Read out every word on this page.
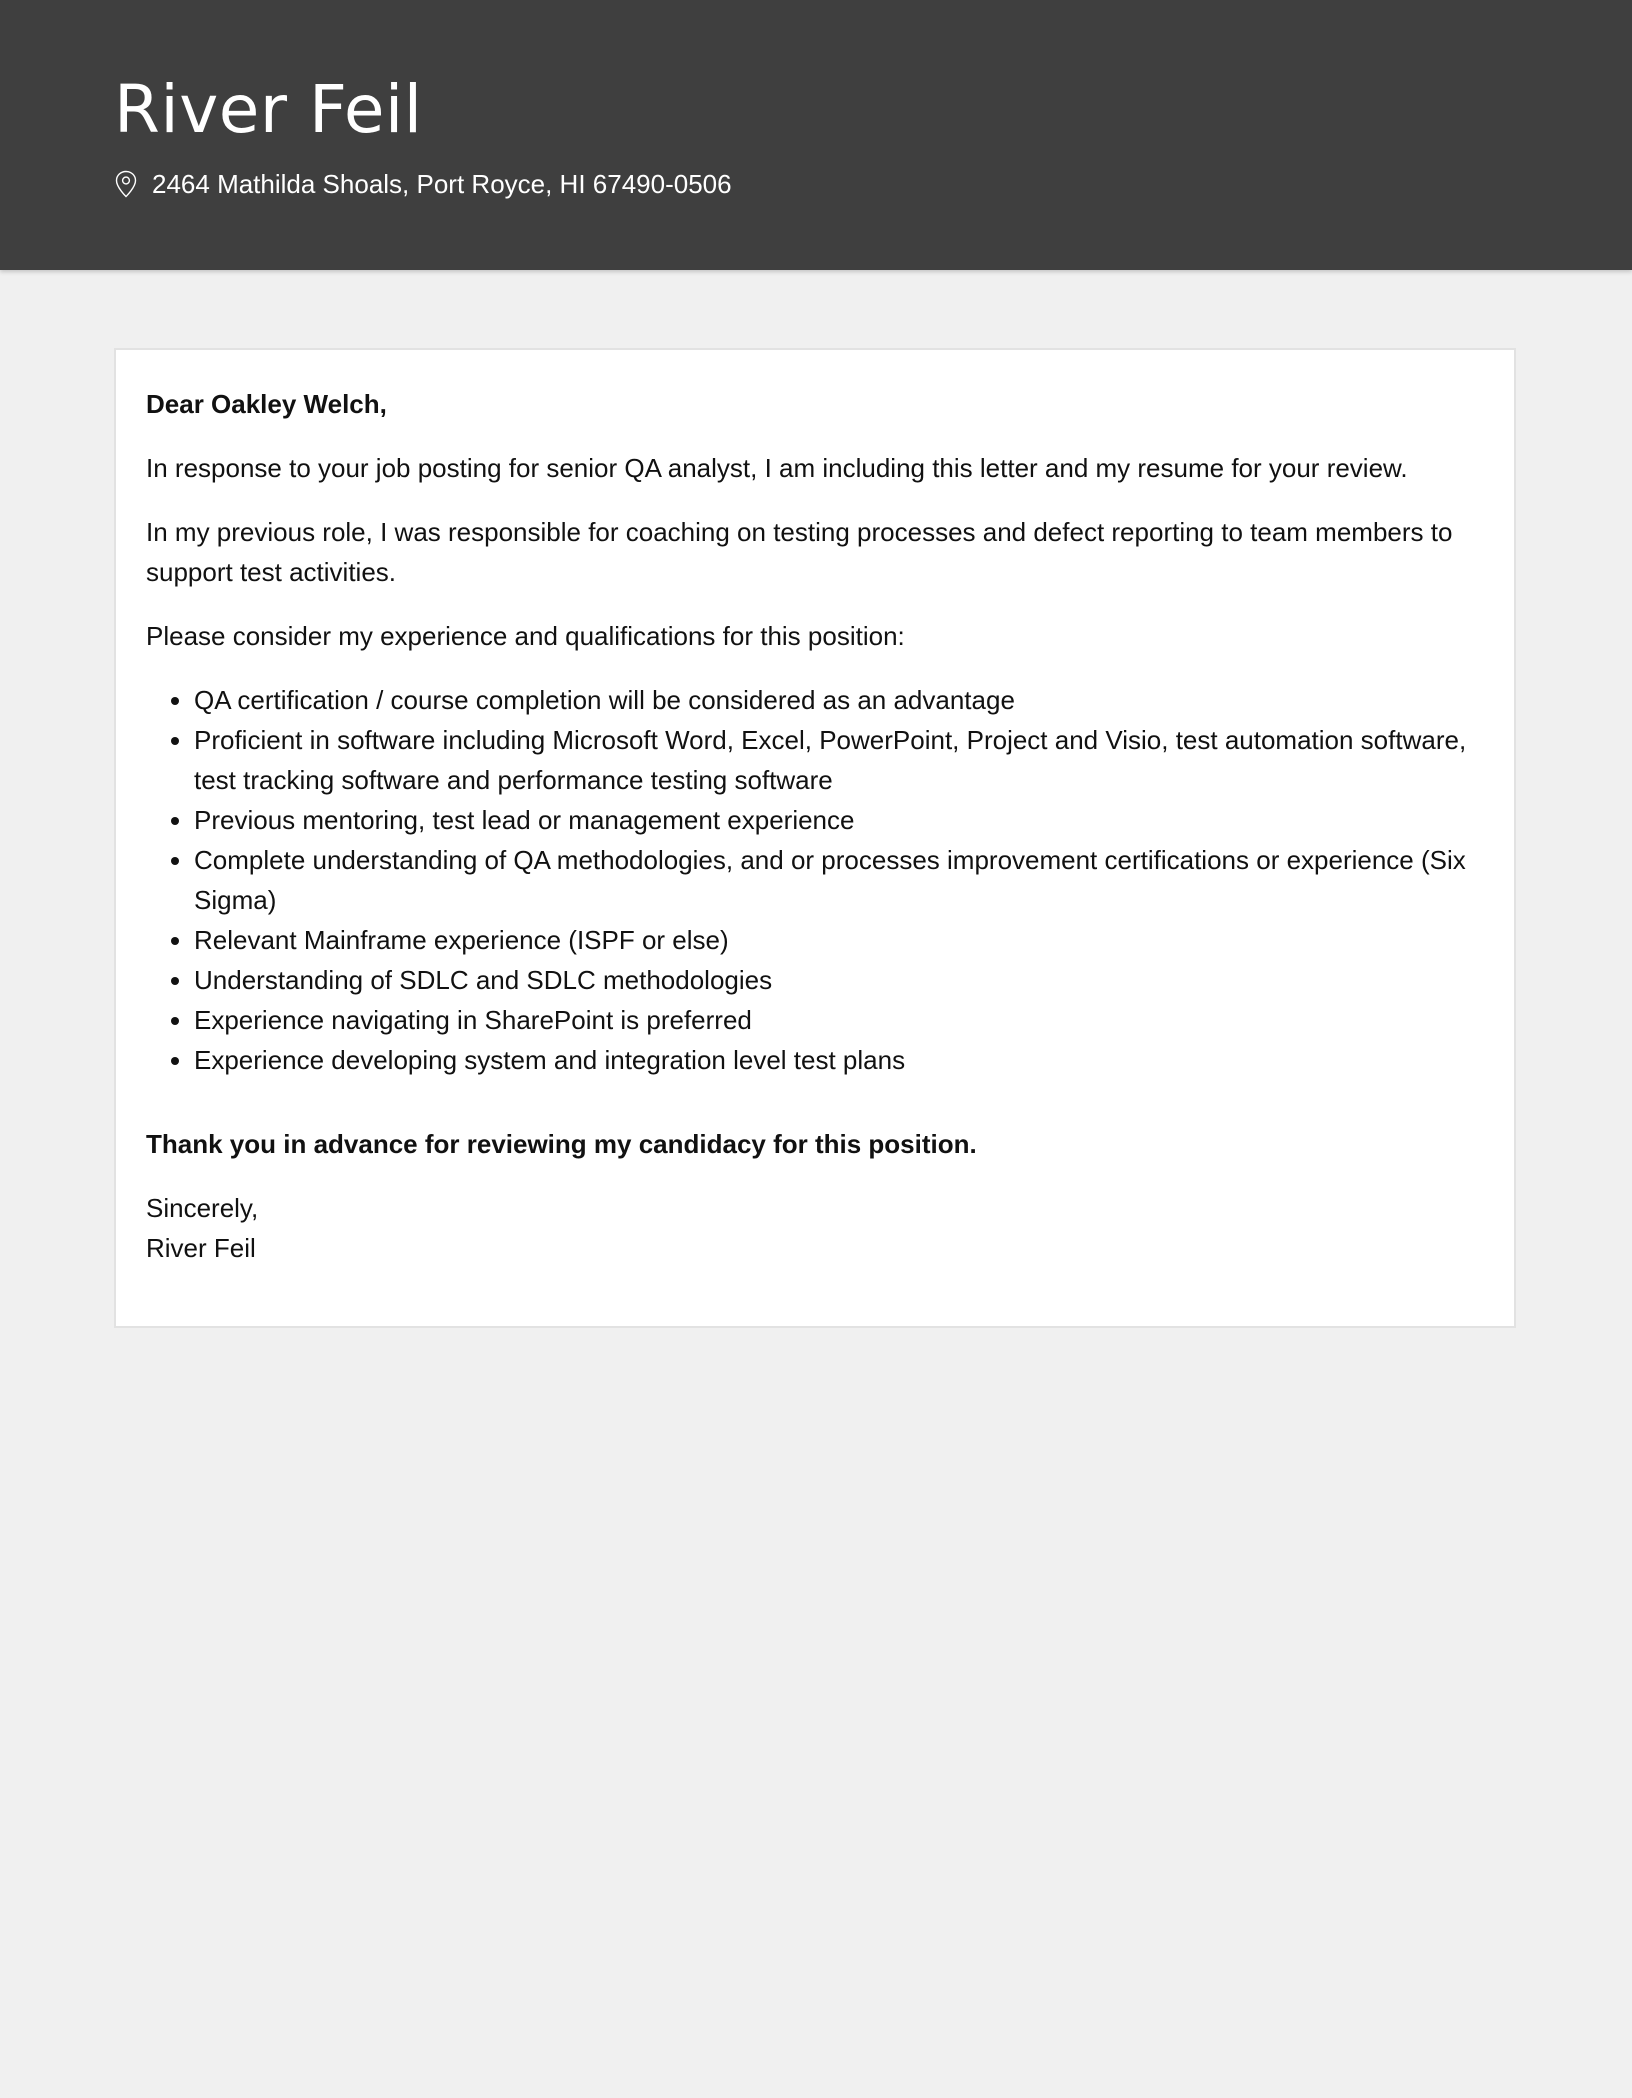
River Feil
2464 Mathilda Shoals, Port Royce, HI 67490-0506

Dear Oakley Welch,

In response to your job posting for senior QA analyst, I am including this letter and my resume for your review.

In my previous role, I was responsible for coaching on testing processes and defect reporting to team members to support test activities.

Please consider my experience and qualifications for this position:

• QA certification / course completion will be considered as an advantage
• Proficient in software including Microsoft Word, Excel, PowerPoint, Project and Visio, test automation software, test tracking software and performance testing software
• Previous mentoring, test lead or management experience
• Complete understanding of QA methodologies, and or processes improvement certifications or experience (Six Sigma)
• Relevant Mainframe experience (ISPF or else)
• Understanding of SDLC and SDLC methodologies
• Experience navigating in SharePoint is preferred
• Experience developing system and integration level test plans

Thank you in advance for reviewing my candidacy for this position.

Sincerely,
River Feil
